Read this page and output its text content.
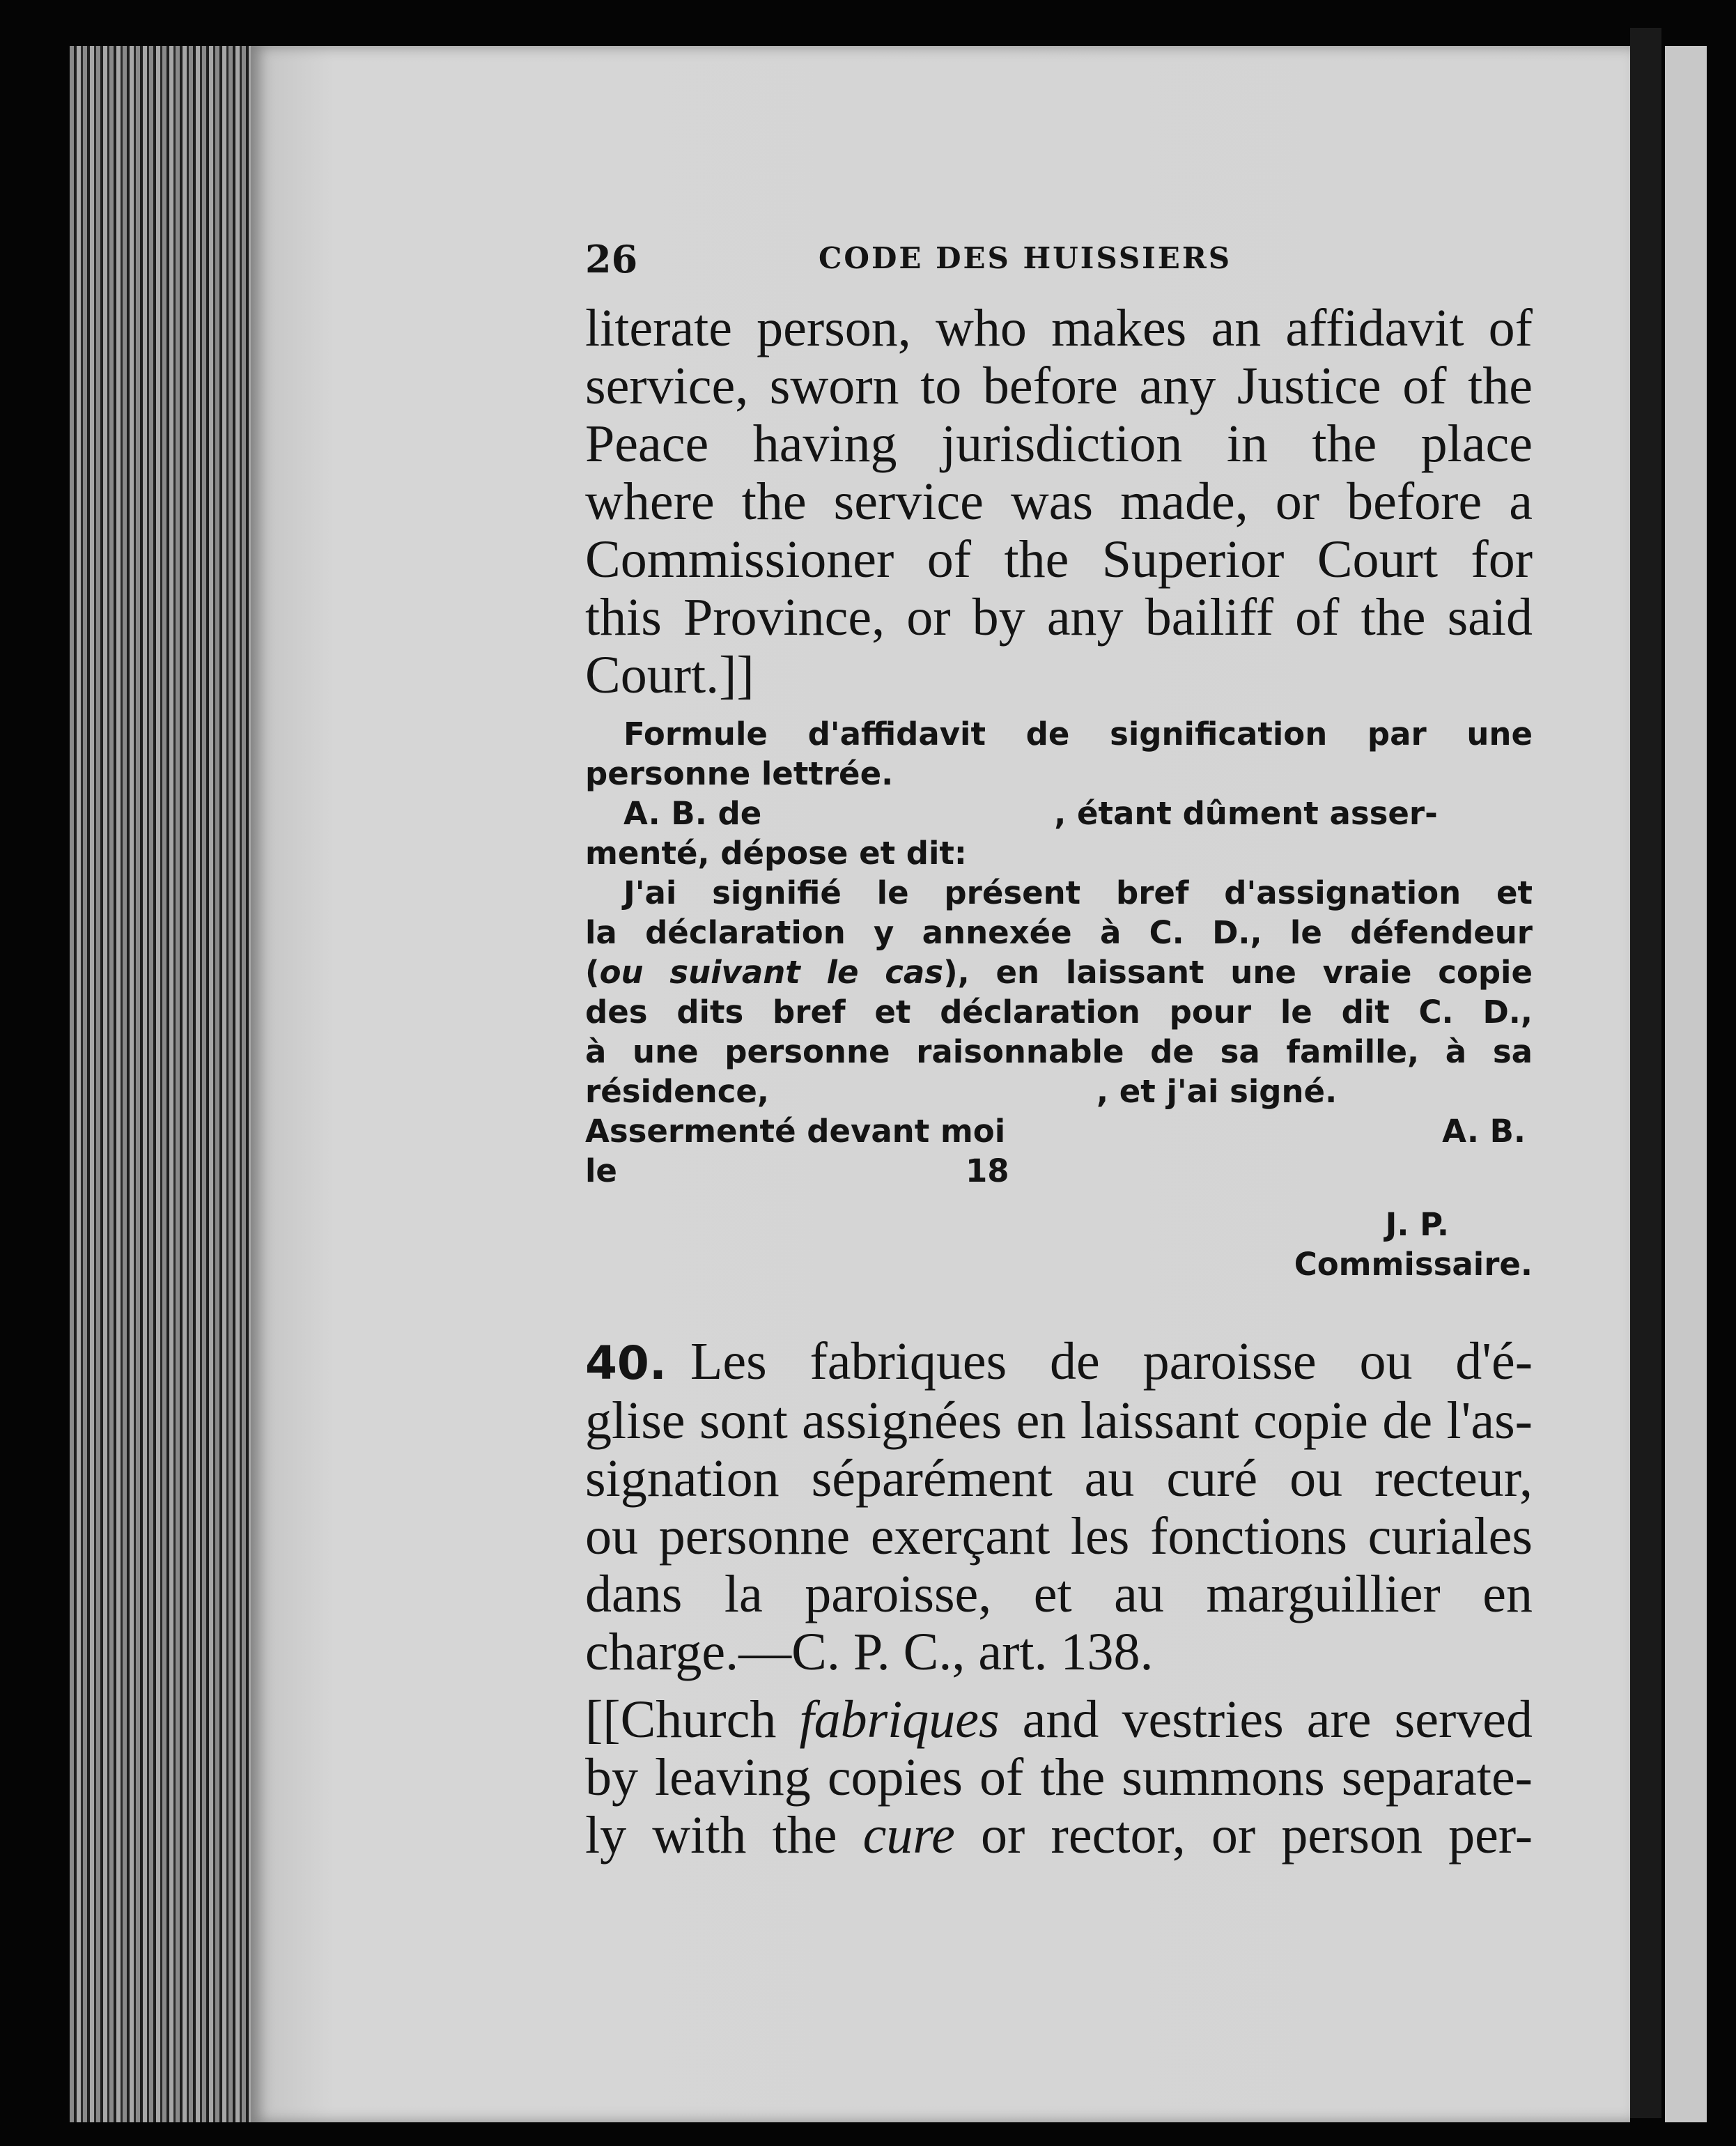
26	CODE DES HUISSIERS
literate person, who makes an affidavit of
service, sworn to before any Justice of the
Peace having jurisdiction in the place
where the service was made, or before a
Commissioner of the Superior Court for
this Province, or by any bailiff of the said
Court.]]
Formule d'affidavit de signification par une
personne lettrée.
A. B. de	, étant dûment asser-
menté, dépose et dit:
J'ai signifié le présent bref d'assignation et
la déclaration y annexée à C. D., le défendeur
(ou suivant le cas), en laissant une vraie copie
des dits bref et déclaration pour le dit C. D.,
à une personne raisonnable de sa famille, à sa
résidence,	, et j'ai signé.
Assermenté devant moi	A. B.
le	18
J. P.
Commissaire.
40. Les fabriques de paroisse ou d'é-
glise sont assignées en laissant copie de l'as-
signation séparément au curé ou recteur,
ou personne exerçant les fonctions curiales
dans la paroisse, et au marguillier en
charge.—C. P. C., art. 138.
[[Church fabriques and vestries are served
by leaving copies of the summons separate-
ly with the cure or rector, or person per-
